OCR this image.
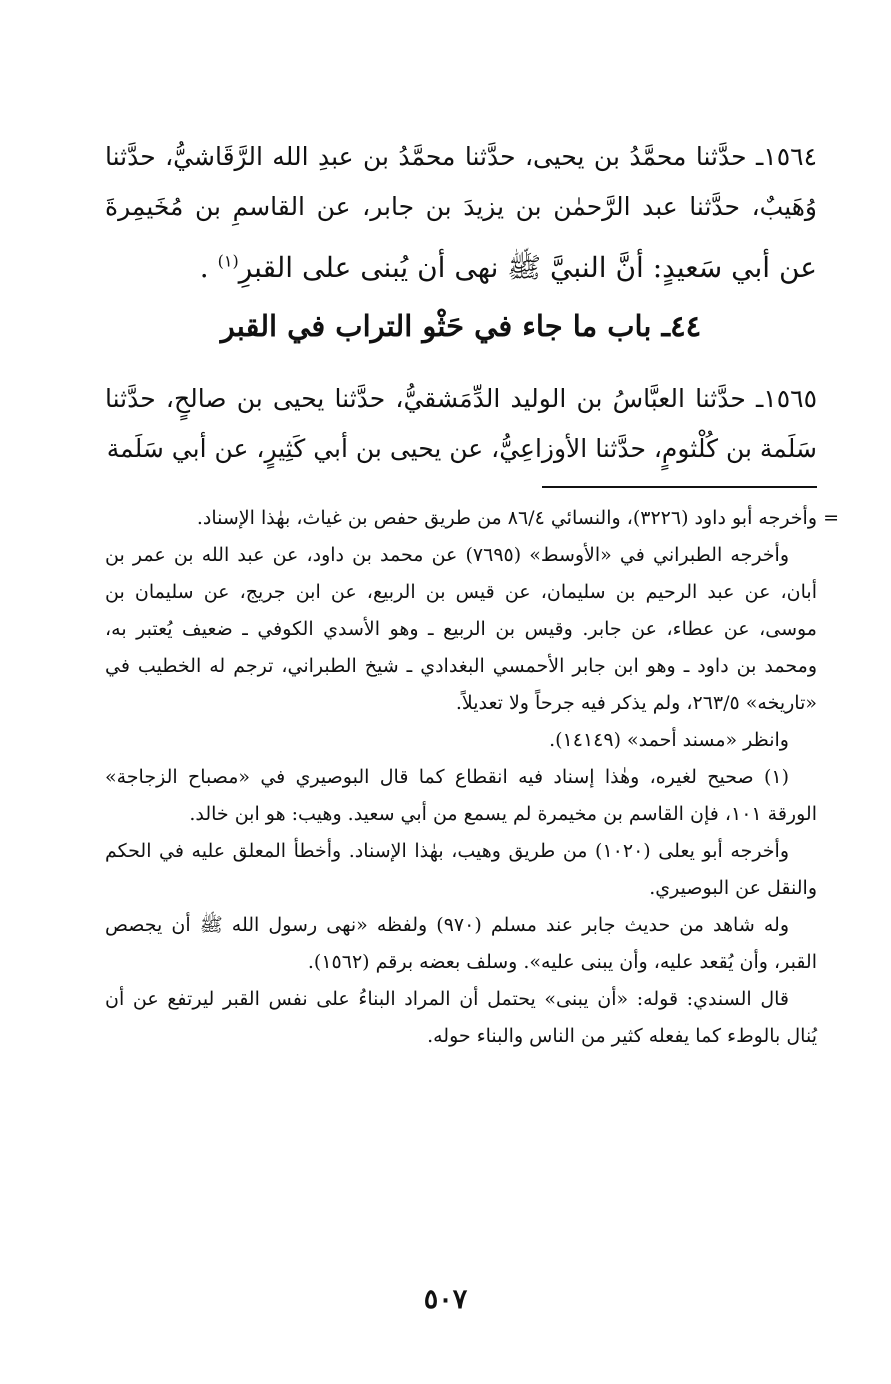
١٥٦٤ـ حدَّثنا محمَّدُ بن يحيى، حدَّثنا محمَّدُ بن عبدِ الله الرَّقَاشيُّ، حدَّثنا وُهَيبٌ، حدَّثنا عبد الرَّحمٰن بن يزيدَ بن جابر، عن القاسمِ بن مُخَيمِرةَ عن أبي سَعيدٍ: أنَّ النبيَّ ﷺ نهى أن يُبنى على القبرِ$^{(١)}$ .

٤٤ـ باب ما جاء في حَثْو التراب في القبر

١٥٦٥ـ حدَّثنا العبَّاسُ بن الوليد الدِّمَشقيُّ، حدَّثنا يحيى بن صالحٍ، حدَّثنا سَلَمة بن كُلْثومٍ، حدَّثنا الأوزاعِيُّ، عن يحيى بن أبي كَثِيرٍ، عن أبي سَلَمة

=
وأخرجه أبو داود (٣٢٢٦)، والنسائي ٨٦/٤ من طريق حفص بن غياث، بهٰذا الإسناد.

وأخرجه الطبراني في «الأوسط» (٧٦٩٥) عن محمد بن داود، عن عبد الله بن عمر بن أبان، عن عبد الرحيم بن سليمان، عن قيس بن الربيع، عن ابن جريج، عن سليمان بن موسى، عن عطاء، عن جابر. وقيس بن الربيع ـ وهو الأسدي الكوفي ـ ضعيف يُعتبر به، ومحمد بن داود ـ وهو ابن جابر الأحمسي البغدادي ـ شيخ الطبراني، ترجم له الخطيب في «تاريخه» ٢٦٣/٥، ولم يذكر فيه جرحاً ولا تعديلاً.

وانظر «مسند أحمد» (١٤١٤٩).

(١) صحيح لغيره، وهٰذا إسناد فيه انقطاع كما قال البوصيري في «مصباح الزجاجة» الورقة ١٠١، فإن القاسم بن مخيمرة لم يسمع من أبي سعيد. وهيب: هو ابن خالد.

وأخرجه أبو يعلى (١٠٢٠) من طريق وهيب، بهٰذا الإسناد. وأخطأ المعلق عليه في الحكم والنقل عن البوصيري.

وله شاهد من حديث جابر عند مسلم (٩٧٠) ولفظه «نهى رسول الله ﷺ أن يجصص القبر، وأن يُقعد عليه، وأن يبنى عليه». وسلف بعضه برقم (١٥٦٢).

قال السندي: قوله: «أن يبنى» يحتمل أن المراد البناءُ على نفس القبر ليرتفع عن أن يُنال بالوطء كما يفعله كثير من الناس والبناء حوله.

٥٠٧
